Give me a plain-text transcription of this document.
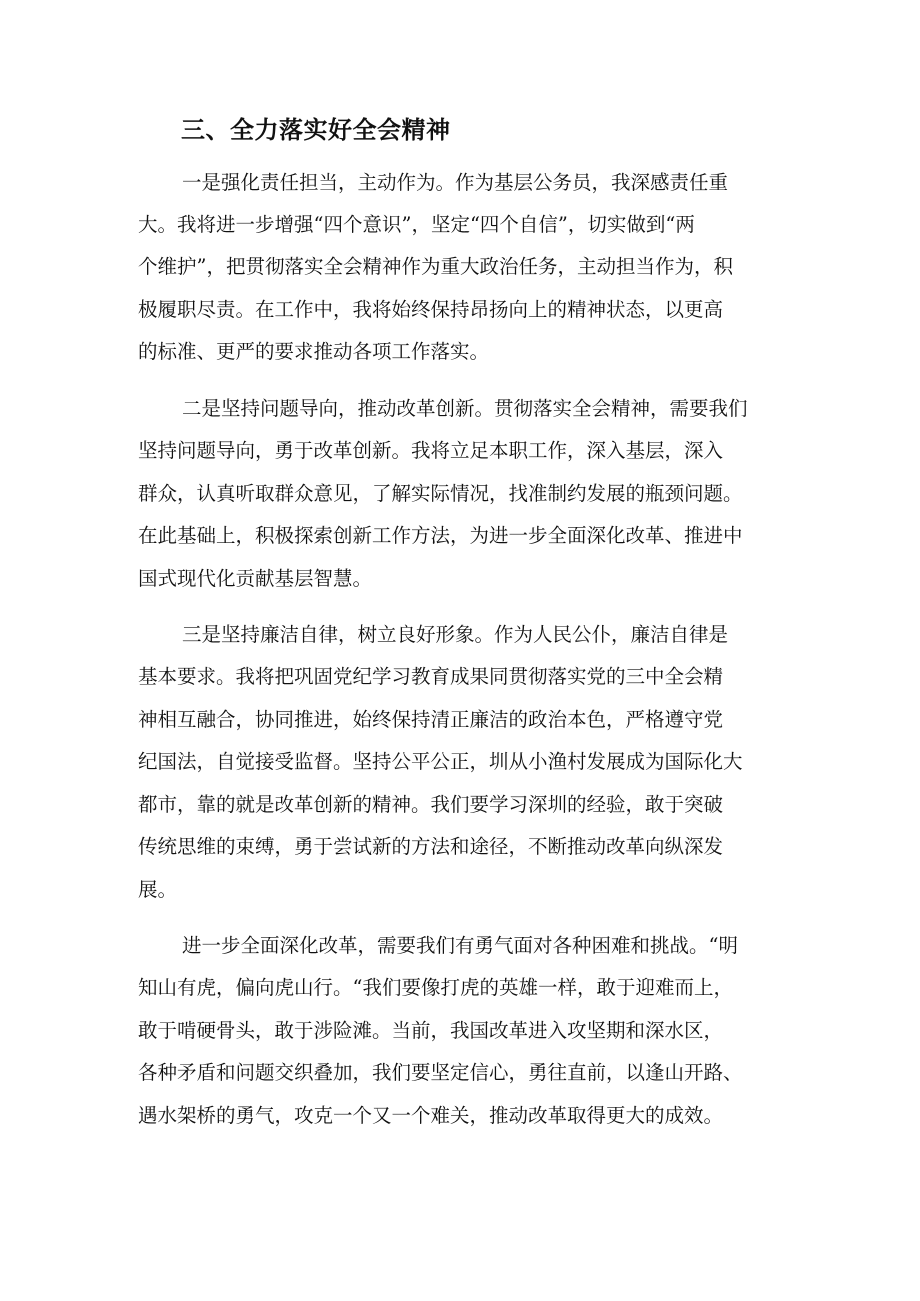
三、全力落实好全会精神

一是强化责任担当，主动作为。作为基层公务员，我深感责任重

大。我将进一步增强“四个意识”，坚定“四个自信”，切实做到“两

个维护”，把贯彻落实全会精神作为重大政治任务，主动担当作为，积

极履职尽责。在工作中，我将始终保持昂扬向上的精神状态，以更高

的标准、更严的要求推动各项工作落实。

二是坚持问题导向，推动改革创新。贯彻落实全会精神，需要我们

坚持问题导向，勇于改革创新。我将立足本职工作，深入基层，深入

群众，认真听取群众意见，了解实际情况，找准制约发展的瓶颈问题。

在此基础上，积极探索创新工作方法，为进一步全面深化改革、推进中

国式现代化贡献基层智慧。

三是坚持廉洁自律，树立良好形象。作为人民公仆，廉洁自律是

基本要求。我将把巩固党纪学习教育成果同贯彻落实党的三中全会精

神相互融合，协同推进，始终保持清正廉洁的政治本色，严格遵守党

纪国法，自觉接受监督。坚持公平公正，圳从小渔村发展成为国际化大

都市，靠的就是改革创新的精神。我们要学习深圳的经验，敢于突破

传统思维的束缚，勇于尝试新的方法和途径，不断推动改革向纵深发

展。

进一步全面深化改革，需要我们有勇气面对各种困难和挑战。“明

知山有虎，偏向虎山行。“我们要像打虎的英雄一样，敢于迎难而上，

敢于啃硬骨头，敢于涉险滩。当前，我国改革进入攻坚期和深水区，

各种矛盾和问题交织叠加，我们要坚定信心，勇往直前，以逢山开路、

遇水架桥的勇气，攻克一个又一个难关，推动改革取得更大的成效。
